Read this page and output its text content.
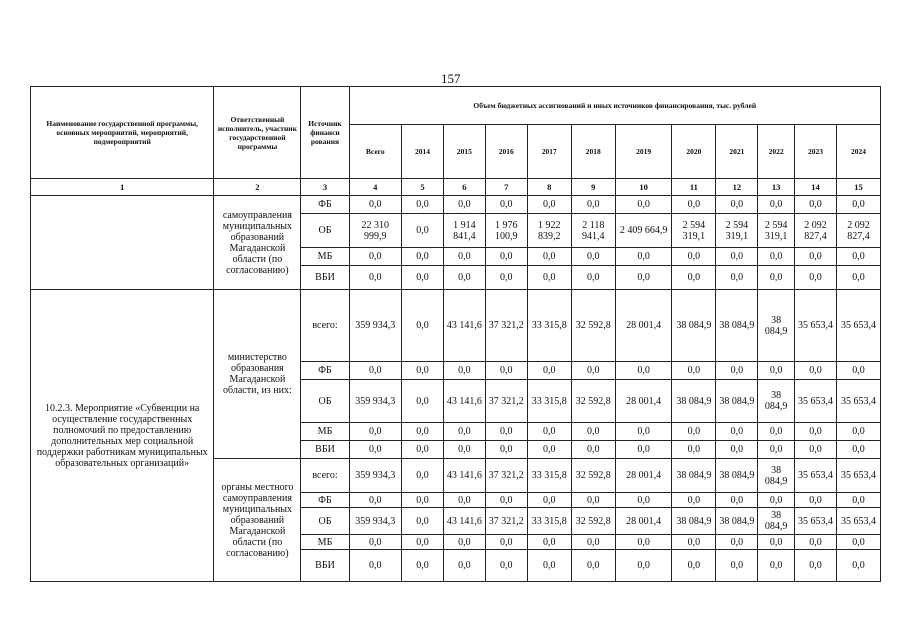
157
Наименование государственной программы, основных мероприятий, мероприятий, подмероприятий	Ответственный исполнитель, участник государственной программы	Источник финанси рования	Объем бюджетных ассигнований и иных источников финансирования, тыс. рублей											
			Всего	2014	2015	2016	2017	2018	2019	2020	2021	2022	2023	2024
1	2	3	4	5	6	7	8	9	10	11	12	13	14	15
	самоуправления муниципальных образований Магаданской области (по согласованию)	ФБ	0,0	0,0	0,0	0,0	0,0	0,0	0,0	0,0	0,0	0,0	0,0	0,0
		ОБ	22 310 999,9	0,0	1 914 841,4	1 976 100,9	1 922 839,2	2 118 941,4	2 409 664,9	2 594 319,1	2 594 319,1	2 594 319,1	2 092 827,4	2 092 827,4
		МБ	0,0	0,0	0,0	0,0	0,0	0,0	0,0	0,0	0,0	0,0	0,0	0,0
		ВБИ	0,0	0,0	0,0	0,0	0,0	0,0	0,0	0,0	0,0	0,0	0,0	0,0
10.2.3. Мероприятие «Субвенции на осуществление государственных полномочий по предоставлению дополнительных мер социальной поддержки работникам муниципальных образовательных организаций»	министерство образования Магаданской области, из них:	всего:	359 934,3	0,0	43 141,6	37 321,2	33 315,8	32 592,8	28 001,4	38 084,9	38 084,9	38 084,9	35 653,4	35 653,4
		ФБ	0,0	0,0	0,0	0,0	0,0	0,0	0,0	0,0	0,0	0,0	0,0	0,0
		ОБ	359 934,3	0,0	43 141,6	37 321,2	33 315,8	32 592,8	28 001,4	38 084,9	38 084,9	38 084,9	35 653,4	35 653,4
		МБ	0,0	0,0	0,0	0,0	0,0	0,0	0,0	0,0	0,0	0,0	0,0	0,0
		ВБИ	0,0	0,0	0,0	0,0	0,0	0,0	0,0	0,0	0,0	0,0	0,0	0,0
	органы местного самоуправления муниципальных образований Магаданской области (по согласованию)	всего:	359 934,3	0,0	43 141,6	37 321,2	33 315,8	32 592,8	28 001,4	38 084,9	38 084,9	38 084,9	35 653,4	35 653,4
		ФБ	0,0	0,0	0,0	0,0	0,0	0,0	0,0	0,0	0,0	0,0	0,0	0,0
		ОБ	359 934,3	0,0	43 141,6	37 321,2	33 315,8	32 592,8	28 001,4	38 084,9	38 084,9	38 084,9	35 653,4	35 653,4
		МБ	0,0	0,0	0,0	0,0	0,0	0,0	0,0	0,0	0,0	0,0	0,0	0,0
		ВБИ	0,0	0,0	0,0	0,0	0,0	0,0	0,0	0,0	0,0	0,0	0,0	0,0
